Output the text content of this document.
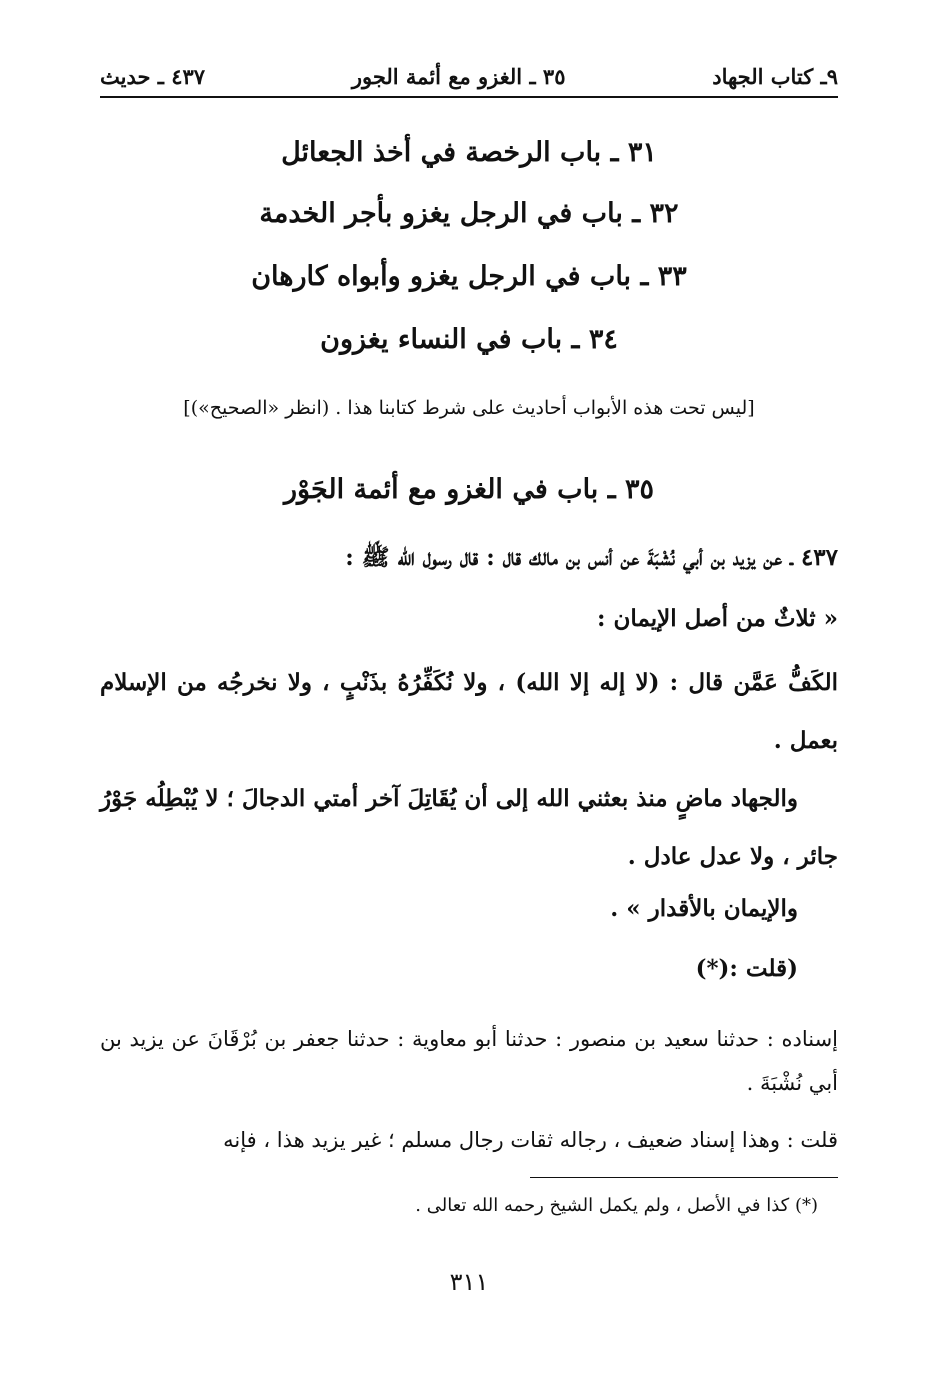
٩ـ كتاب الجهاد
٣٥ ـ الغزو مع أئمة الجور
٤٣٧ ـ حديث
٣١ ـ باب الرخصة في أخذ الجعائل
٣٢ ـ باب في الرجل يغزو بأجر الخدمة
٣٣ ـ باب في الرجل يغزو وأبواه كارهان
٣٤ ـ باب في النساء يغزون
[ليس تحت هذه الأبواب أحاديث على شرط كتابنا هذا . (انظر «الصحيح»)]
٣٥ ـ باب في الغزو مع أئمة الجَوْر
٤٣٧ ـ عن يزيد بن أبي نُشْبَةَ عن أنس بن مالك قال : قال رسول الله ﷺ :
« ثلاثٌ من أصل الإيمان :
الكَفُّ عَمَّن قال : (لا إله إلا الله) ، ولا نُكَفِّرُهُ بذَنْبٍ ، ولا نخرجُه من الإسلام بعمل .
والجهاد ماضٍ منذ بعثني الله إلى أن يُقَاتِلَ آخر أمتي الدجالَ ؛ لا يُبْطِلُه جَوْرُ جائر ، ولا عدل عادل .
والإيمان بالأقدار » .
(قلت :(*)
إسناده : حدثنا سعيد بن منصور : حدثنا أبو معاوية : حدثنا جعفر بن بُرْقَانَ عن يزيد بن أبي نُشْبَةَ .
قلت : وهذا إسناد ضعيف ، رجاله ثقات رجال مسلم ؛ غير يزيد هذا ، فإنه
(*) كذا في الأصل ، ولم يكمل الشيخ رحمه الله تعالى .
٣١١
